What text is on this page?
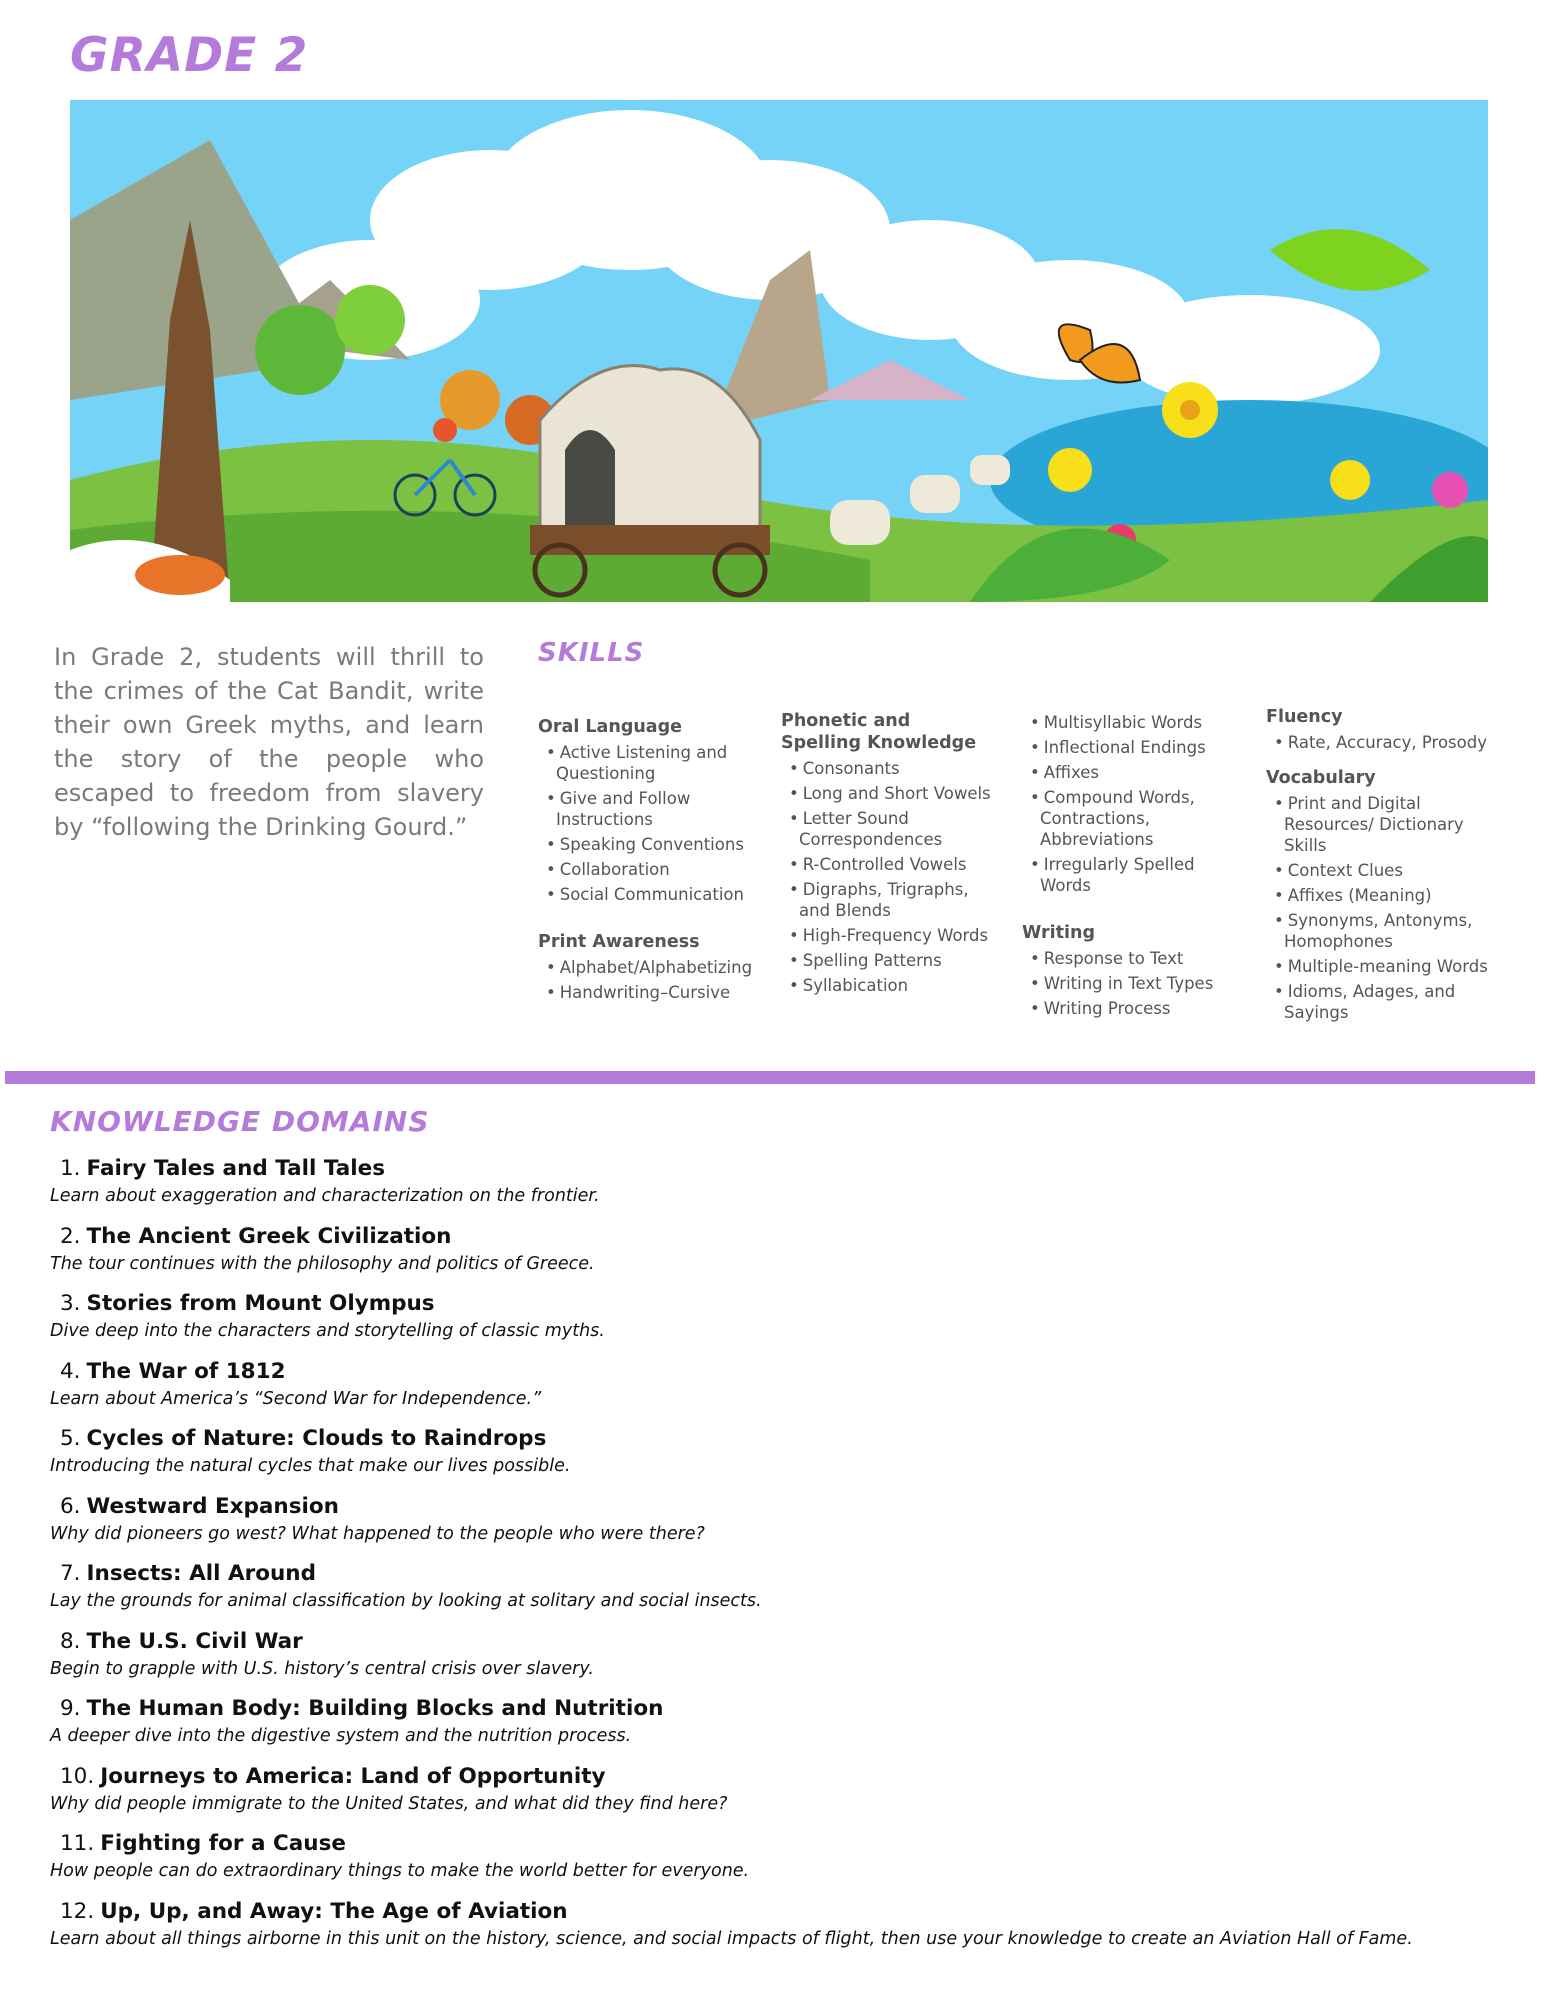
GRADE 2
In Grade 2, students will thrill to the crimes of the Cat Bandit, write their own Greek myths, and learn the story of the people who escaped to freedom from slavery by “following the Drinking Gourd.”
SKILLS
Oral Language
• Active Listening and Questioning
• Give and Follow Instructions
• Speaking Conventions
• Collaboration
• Social Communication
Print Awareness
• Alphabet/Alphabetizing
• Handwriting–Cursive
Phonetic and Spelling Knowledge
• Consonants
• Long and Short Vowels
• Letter Sound Correspondences
• R-Controlled Vowels
• Digraphs, Trigraphs, and Blends
• High-Frequency Words
• Spelling Patterns
• Syllabication
• Multisyllabic Words
• Inflectional Endings
• Affixes
• Compound Words, Contractions, Abbreviations
• Irregularly Spelled Words
Writing
• Response to Text
• Writing in Text Types
• Writing Process
Fluency
• Rate, Accuracy, Prosody
Vocabulary
• Print and Digital Resources/ Dictionary Skills
• Context Clues
• Affixes (Meaning)
• Synonyms, Antonyms, Homophones
• Multiple-meaning Words
• Idioms, Adages, and Sayings
KNOWLEDGE DOMAINS
1. Fairy Tales and Tall Tales
Learn about exaggeration and characterization on the frontier.
2. The Ancient Greek Civilization
The tour continues with the philosophy and politics of Greece.
3. Stories from Mount Olympus
Dive deep into the characters and storytelling of classic myths.
4. The War of 1812
Learn about America’s “Second War for Independence.”
5. Cycles of Nature: Clouds to Raindrops
Introducing the natural cycles that make our lives possible.
6. Westward Expansion
Why did pioneers go west? What happened to the people who were there?
7. Insects: All Around
Lay the grounds for animal classification by looking at solitary and social insects.
8. The U.S. Civil War
Begin to grapple with U.S. history’s central crisis over slavery.
9. The Human Body: Building Blocks and Nutrition
A deeper dive into the digestive system and the nutrition process.
10. Journeys to America: Land of Opportunity
Why did people immigrate to the United States, and what did they find here?
11. Fighting for a Cause
How people can do extraordinary things to make the world better for everyone.
12. Up, Up, and Away: The Age of Aviation
Learn about all things airborne in this unit on the history, science, and social impacts of flight, then use your knowledge to create an Aviation Hall of Fame.
